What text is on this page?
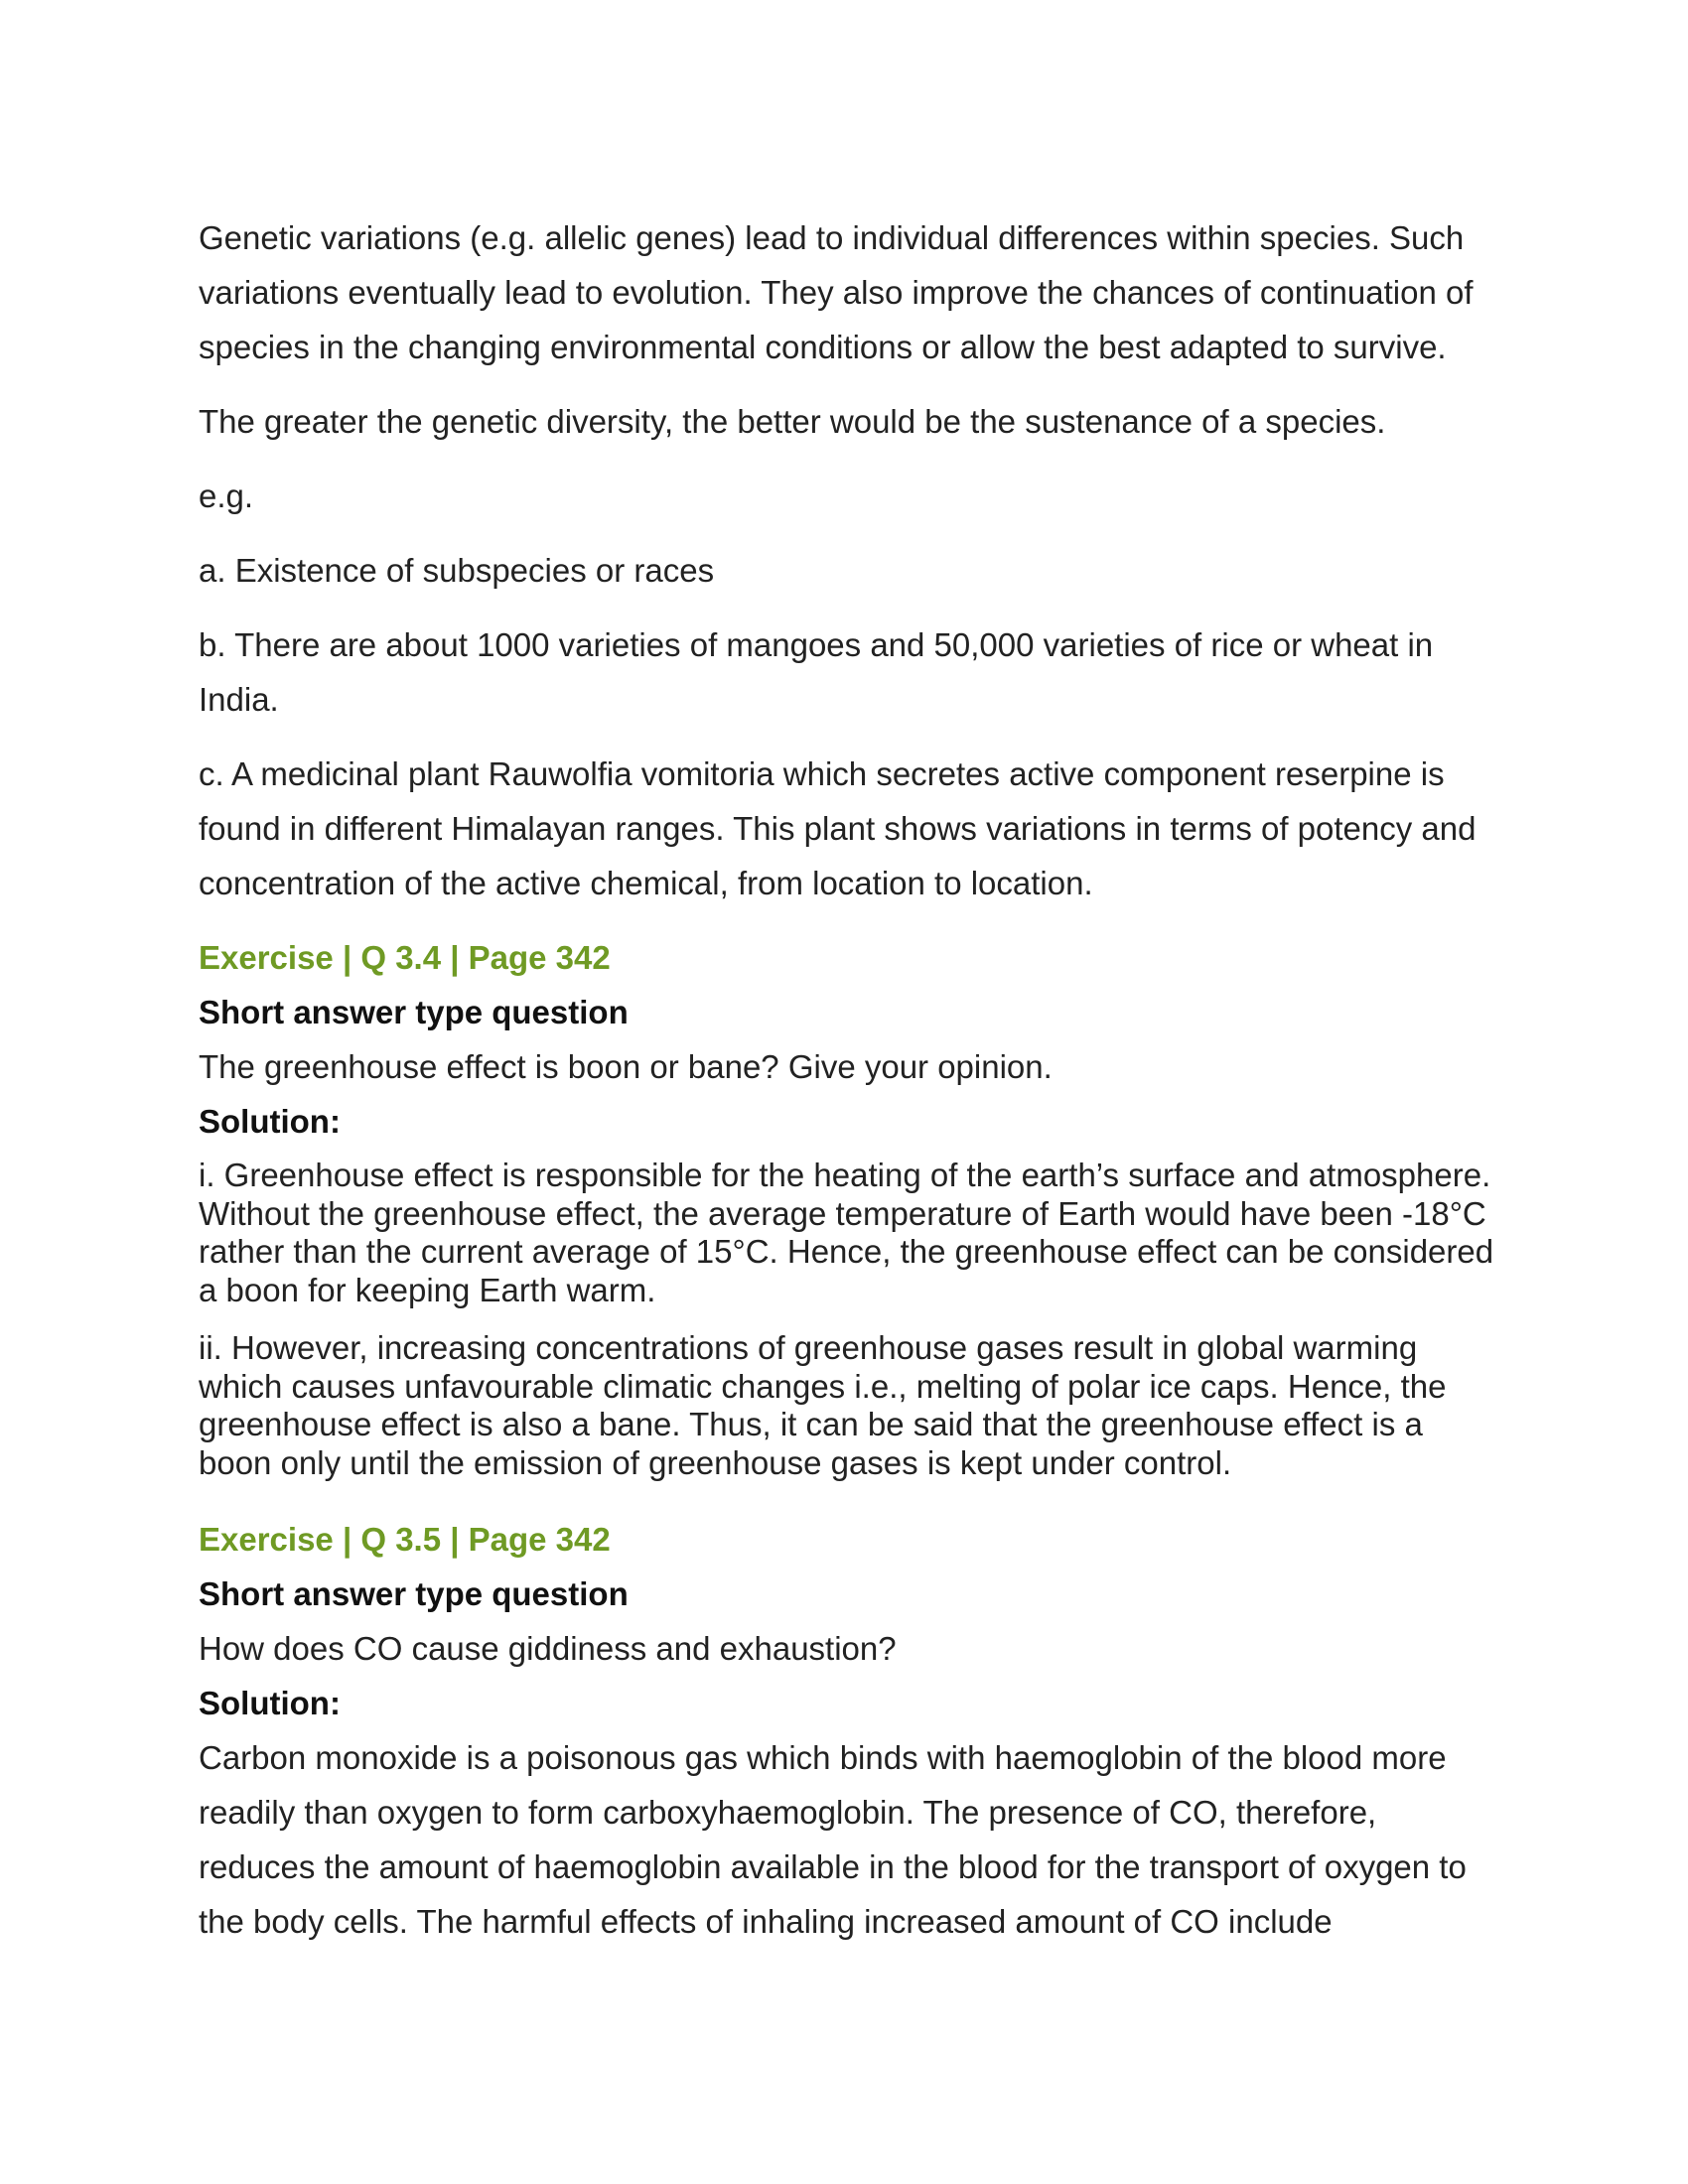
Genetic variations (e.g. allelic genes) lead to individual differences within species. Such variations eventually lead to evolution. They also improve the chances of continuation of species in the changing environmental conditions or allow the best adapted to survive.

The greater the genetic diversity, the better would be the sustenance of a species.

e.g.

a. Existence of subspecies or races

b. There are about 1000 varieties of mangoes and 50,000 varieties of rice or wheat in India.

c. A medicinal plant Rauwolfia vomitoria which secretes active component reserpine is found in different Himalayan ranges. This plant shows variations in terms of potency and concentration of the active chemical, from location to location.

Exercise | Q 3.4 | Page 342

Short answer type question

The greenhouse effect is boon or bane? Give your opinion.

Solution:

i. Greenhouse effect is responsible for the heating of the earth’s surface and atmosphere. Without the greenhouse effect, the average temperature of Earth would have been -18°C rather than the current average of 15°C. Hence, the greenhouse effect can be considered a boon for keeping Earth warm.

ii. However, increasing concentrations of greenhouse gases result in global warming which causes unfavourable climatic changes i.e., melting of polar ice caps. Hence, the greenhouse effect is also a bane. Thus, it can be said that the greenhouse effect is a boon only until the emission of greenhouse gases is kept under control.

Exercise | Q 3.5 | Page 342

Short answer type question

How does CO cause giddiness and exhaustion?

Solution:

Carbon monoxide is a poisonous gas which binds with haemoglobin of the blood more readily than oxygen to form carboxyhaemoglobin. The presence of CO, therefore, reduces the amount of haemoglobin available in the blood for the transport of oxygen to the body cells. The harmful effects of inhaling increased amount of CO include
